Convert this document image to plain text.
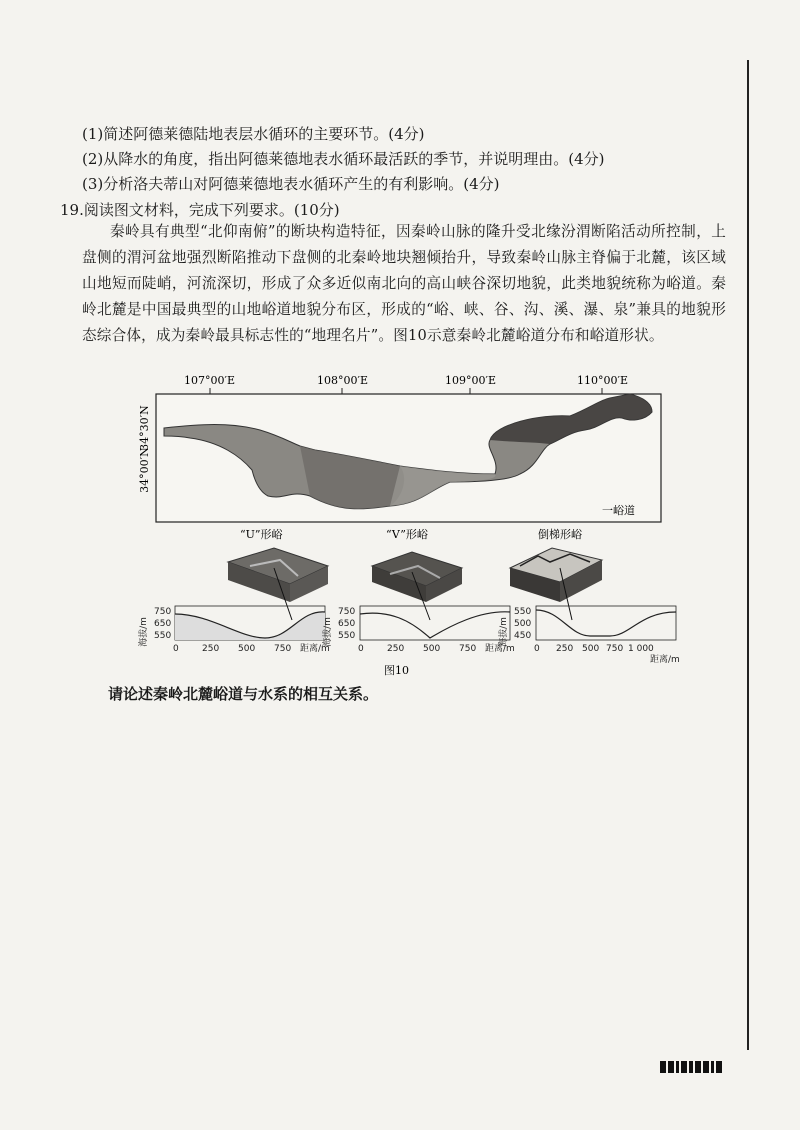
(1)简述阿德莱德陆地表层水循环的主要环节。(4分)
(2)从降水的角度，指出阿德莱德地表水循环最活跃的季节，并说明理由。(4分)
(3)分析洛夫蒂山对阿德莱德地表水循环产生的有利影响。(4分)
19.阅读图文材料，完成下列要求。(10分)
秦岭具有典型“北仰南俯”的断块构造特征，因秦岭山脉的隆升受北缘汾渭断陷活动所控制，上盘侧的渭河盆地强烈断陷推动下盘侧的北秦岭地块翘倾抬升，导致秦岭山脉主脊偏于北麓，该区域山地短而陡峭，河流深切，形成了众多近似南北向的高山峡谷深切地貌，此类地貌统称为峪道。秦岭北麓是中国最典型的山地峪道地貌分布区，形成的“峪、峡、谷、沟、溪、瀑、泉”兼具的地貌形态综合体，成为秦岭最具标志性的“地理名片”。图10示意秦岭北麓峪道分布和峪道形状。
107°00′E	108°00′E	109°00′E	110°00′E
34°30′N
34°00′N
一峪道
“U”形峪	“V”形峪	倒梯形峪
海拔/m
750
650
550
0	250 500 750 距离/m
海拔/m
750
650
550
0	250 500 750 距离/m
海拔/m
550
500
450
0 250 500 750 1 000
距离/m
图10
请论述秦岭北麓峪道与水系的相互关系。
